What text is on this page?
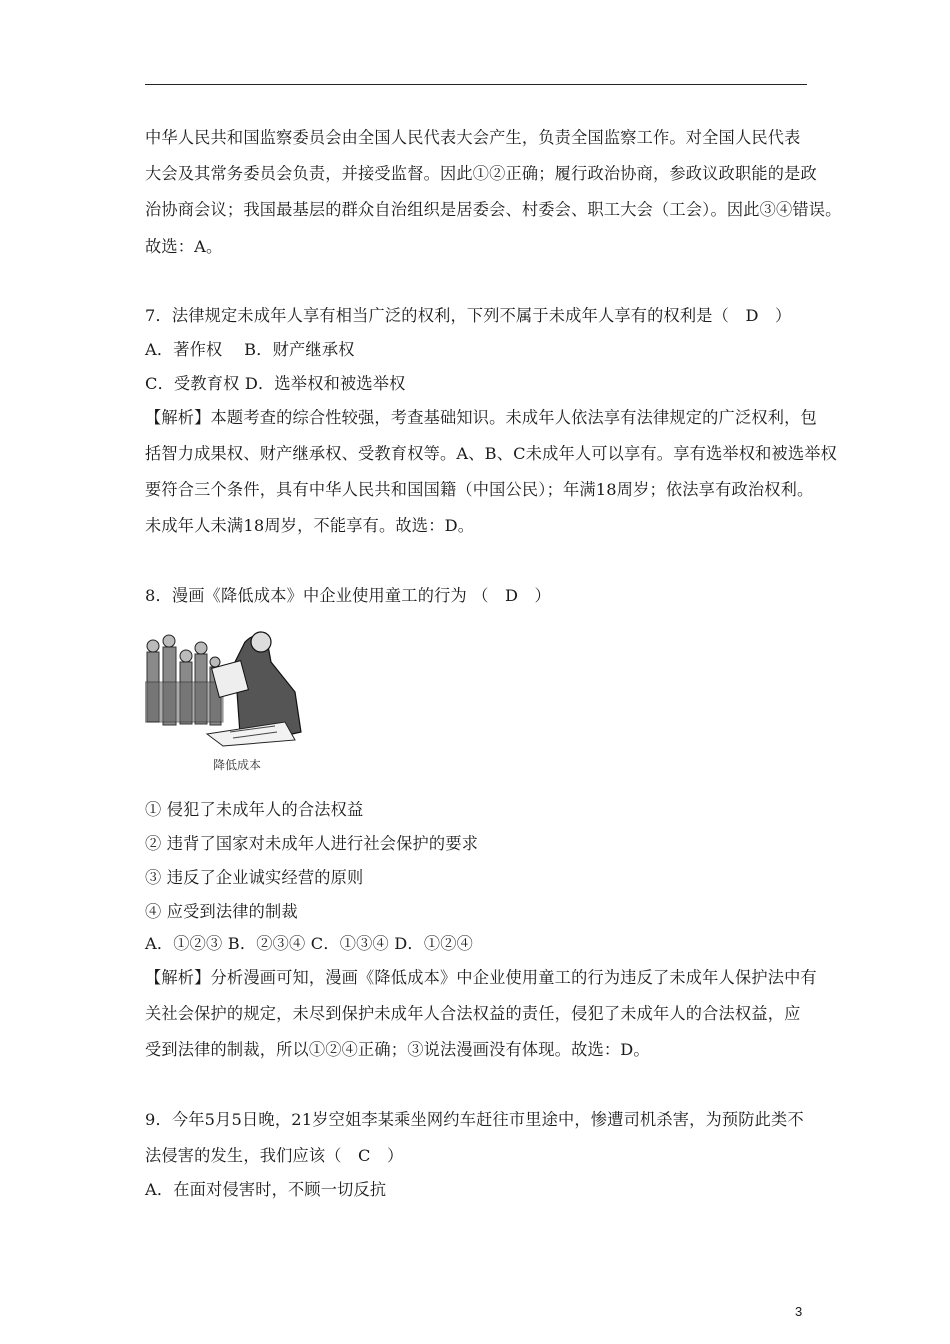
中华人民共和国监察委员会由全国人民代表大会产生，负责全国监察工作。对全国人民代表
大会及其常务委员会负责，并接受监督。因此①②正确；履行政治协商，参政议政职能的是政
治协商会议；我国最基层的群众自治组织是居委会、村委会、职工大会（工会）。因此③④错误。
故选：A。
7．法律规定未成年人享有相当广泛的权利，下列不属于未成年人享有的权利是（　D　）
A．著作权　 B．财产继承权
C．受教育权 D．选举权和被选举权
【解析】本题考查的综合性较强，考查基础知识。未成年人依法享有法律规定的广泛权利，包
括智力成果权、财产继承权、受教育权等。A、B、C未成年人可以享有。享有选举权和被选举权
要符合三个条件，具有中华人民共和国国籍（中国公民）；年满18周岁；依法享有政治权利。
未成年人未满18周岁，不能享有。故选：D。
8．漫画《降低成本》中企业使用童工的行为 （　D　）
降低成本
① 侵犯了未成年人的合法权益
② 违背了国家对未成年人进行社会保护的要求
③ 违反了企业诚实经营的原则
④ 应受到法律的制裁
A．①②③ B．②③④ C．①③④ D．①②④
【解析】分析漫画可知，漫画《降低成本》中企业使用童工的行为违反了未成年人保护法中有
关社会保护的规定，未尽到保护未成年人合法权益的责任，侵犯了未成年人的合法权益，应
受到法律的制裁，所以①②④正确；③说法漫画没有体现。故选：D。
9．今年5月5日晚，21岁空姐李某乘坐网约车赶往市里途中，惨遭司机杀害，为预防此类不
法侵害的发生，我们应该（　C　）
A．在面对侵害时，不顾一切反抗
3
